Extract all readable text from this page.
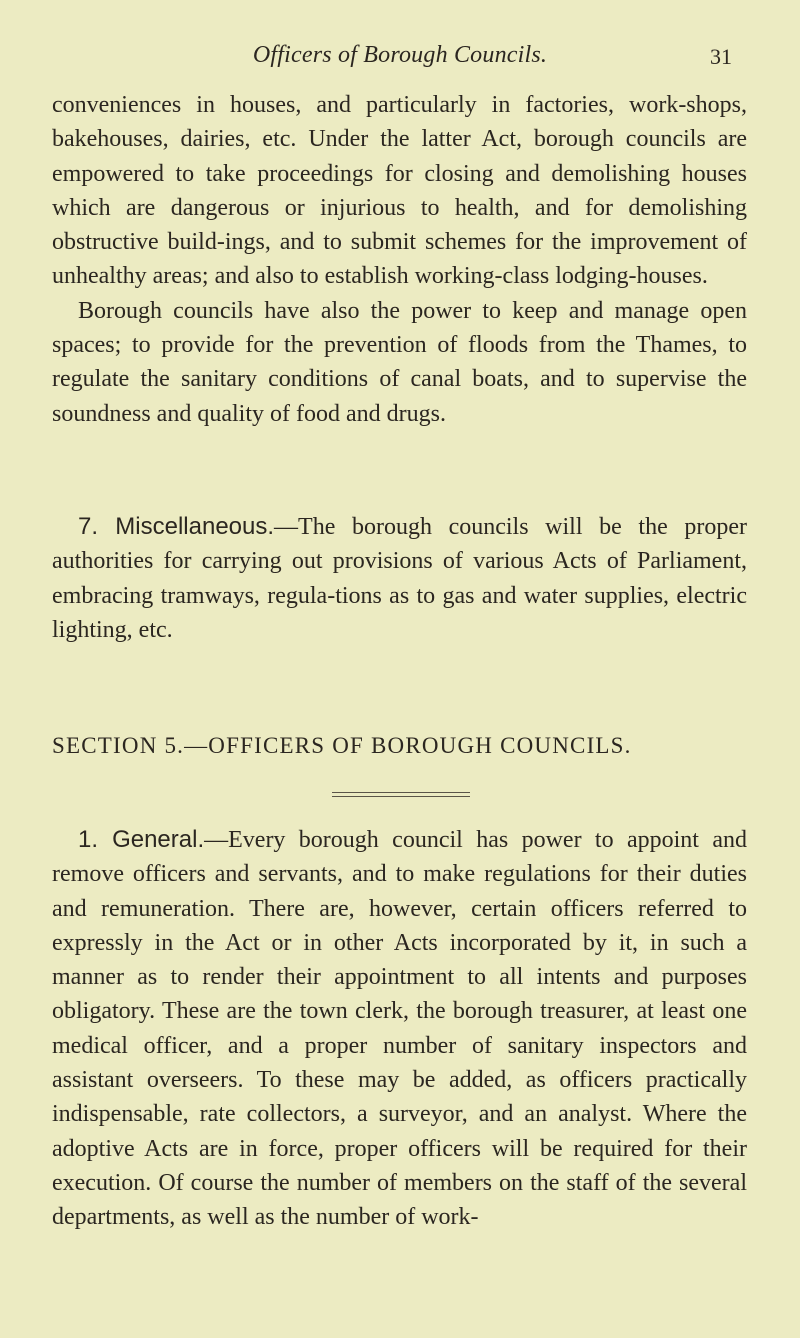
Officers of Borough Councils.	31

conveniences in houses, and particularly in factories, work-shops, bakehouses, dairies, etc. Under the latter Act, borough councils are empowered to take proceedings for closing and demolishing houses which are dangerous or injurious to health, and for demolishing obstructive build-ings, and to submit schemes for the improvement of unhealthy areas; and also to establish working-class lodging-houses.

Borough councils have also the power to keep and manage open spaces; to provide for the prevention of floods from the Thames, to regulate the sanitary conditions of canal boats, and to supervise the soundness and quality of food and drugs.

7. Miscellaneous.—The borough councils will be the proper authorities for carrying out provisions of various Acts of Parliament, embracing tramways, regula-tions as to gas and water supplies, electric lighting, etc.

SECTION 5.—OFFICERS OF BOROUGH COUNCILS.

1. General.—Every borough council has power to appoint and remove officers and servants, and to make regulations for their duties and remuneration. There are, however, certain officers referred to expressly in the Act or in other Acts incorporated by it, in such a manner as to render their appointment to all intents and purposes obligatory. These are the town clerk, the borough treasurer, at least one medical officer, and a proper number of sanitary inspectors and assistant overseers. To these may be added, as officers practically indispensable, rate collectors, a surveyor, and an analyst. Where the adoptive Acts are in force, proper officers will be required for their execution. Of course the number of members on the staff of the several departments, as well as the number of work-
